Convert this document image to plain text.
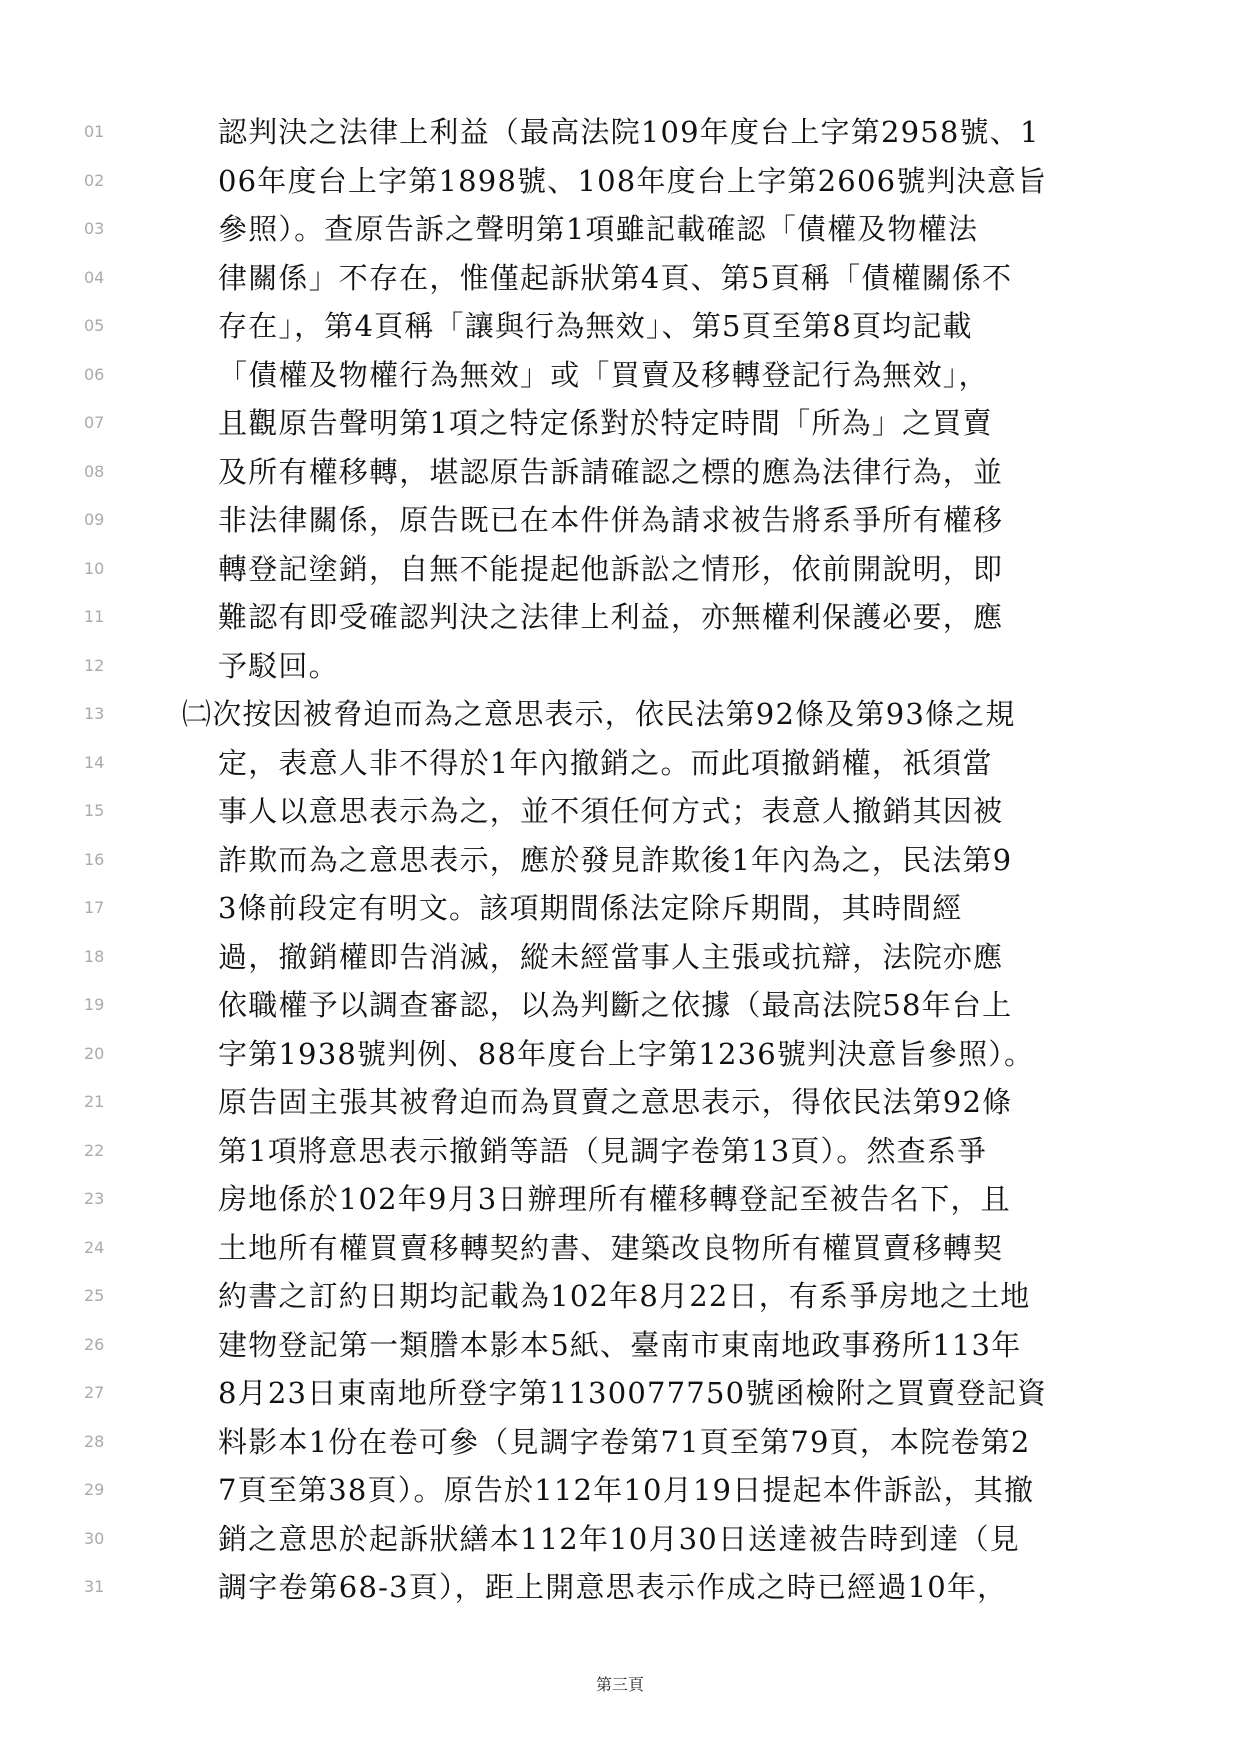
01	認判決之法律上利益（最高法院109年度台上字第2958號、1
02	06年度台上字第1898號、108年度台上字第2606號判決意旨
03	參照）。查原告訴之聲明第1項雖記載確認「債權及物權法
04	律關係」不存在，惟僅起訴狀第4頁、第5頁稱「債權關係不
05	存在」，第4頁稱「讓與行為無效」、第5頁至第8頁均記載
06	「債權及物權行為無效」或「買賣及移轉登記行為無效」，
07	且觀原告聲明第1項之特定係對於特定時間「所為」之買賣
08	及所有權移轉，堪認原告訴請確認之標的應為法律行為，並
09	非法律關係，原告既已在本件併為請求被告將系爭所有權移
10	轉登記塗銷，自無不能提起他訴訟之情形，依前開說明，即
11	難認有即受確認判決之法律上利益，亦無權利保護必要，應
12	予駁回。
13	㈡次按因被脅迫而為之意思表示，依民法第92條及第93條之規
14	定，表意人非不得於1年內撤銷之。而此項撤銷權，祇須當
15	事人以意思表示為之，並不須任何方式；表意人撤銷其因被
16	詐欺而為之意思表示，應於發見詐欺後1年內為之，民法第9
17	3條前段定有明文。該項期間係法定除斥期間，其時間經
18	過，撤銷權即告消滅，縱未經當事人主張或抗辯，法院亦應
19	依職權予以調查審認，以為判斷之依據（最高法院58年台上
20	字第1938號判例、88年度台上字第1236號判決意旨參照）。
21	原告固主張其被脅迫而為買賣之意思表示，得依民法第92條
22	第1項將意思表示撤銷等語（見調字卷第13頁）。然查系爭
23	房地係於102年9月3日辦理所有權移轉登記至被告名下，且
24	土地所有權買賣移轉契約書、建築改良物所有權買賣移轉契
25	約書之訂約日期均記載為102年8月22日，有系爭房地之土地
26	建物登記第一類謄本影本5紙、臺南市東南地政事務所113年
27	8月23日東南地所登字第1130077750號函檢附之買賣登記資
28	料影本1份在卷可參（見調字卷第71頁至第79頁，本院卷第2
29	7頁至第38頁）。原告於112年10月19日提起本件訴訟，其撤
30	銷之意思於起訴狀繕本112年10月30日送達被告時到達（見
31	調字卷第68-3頁），距上開意思表示作成之時已經過10年，
第三頁
